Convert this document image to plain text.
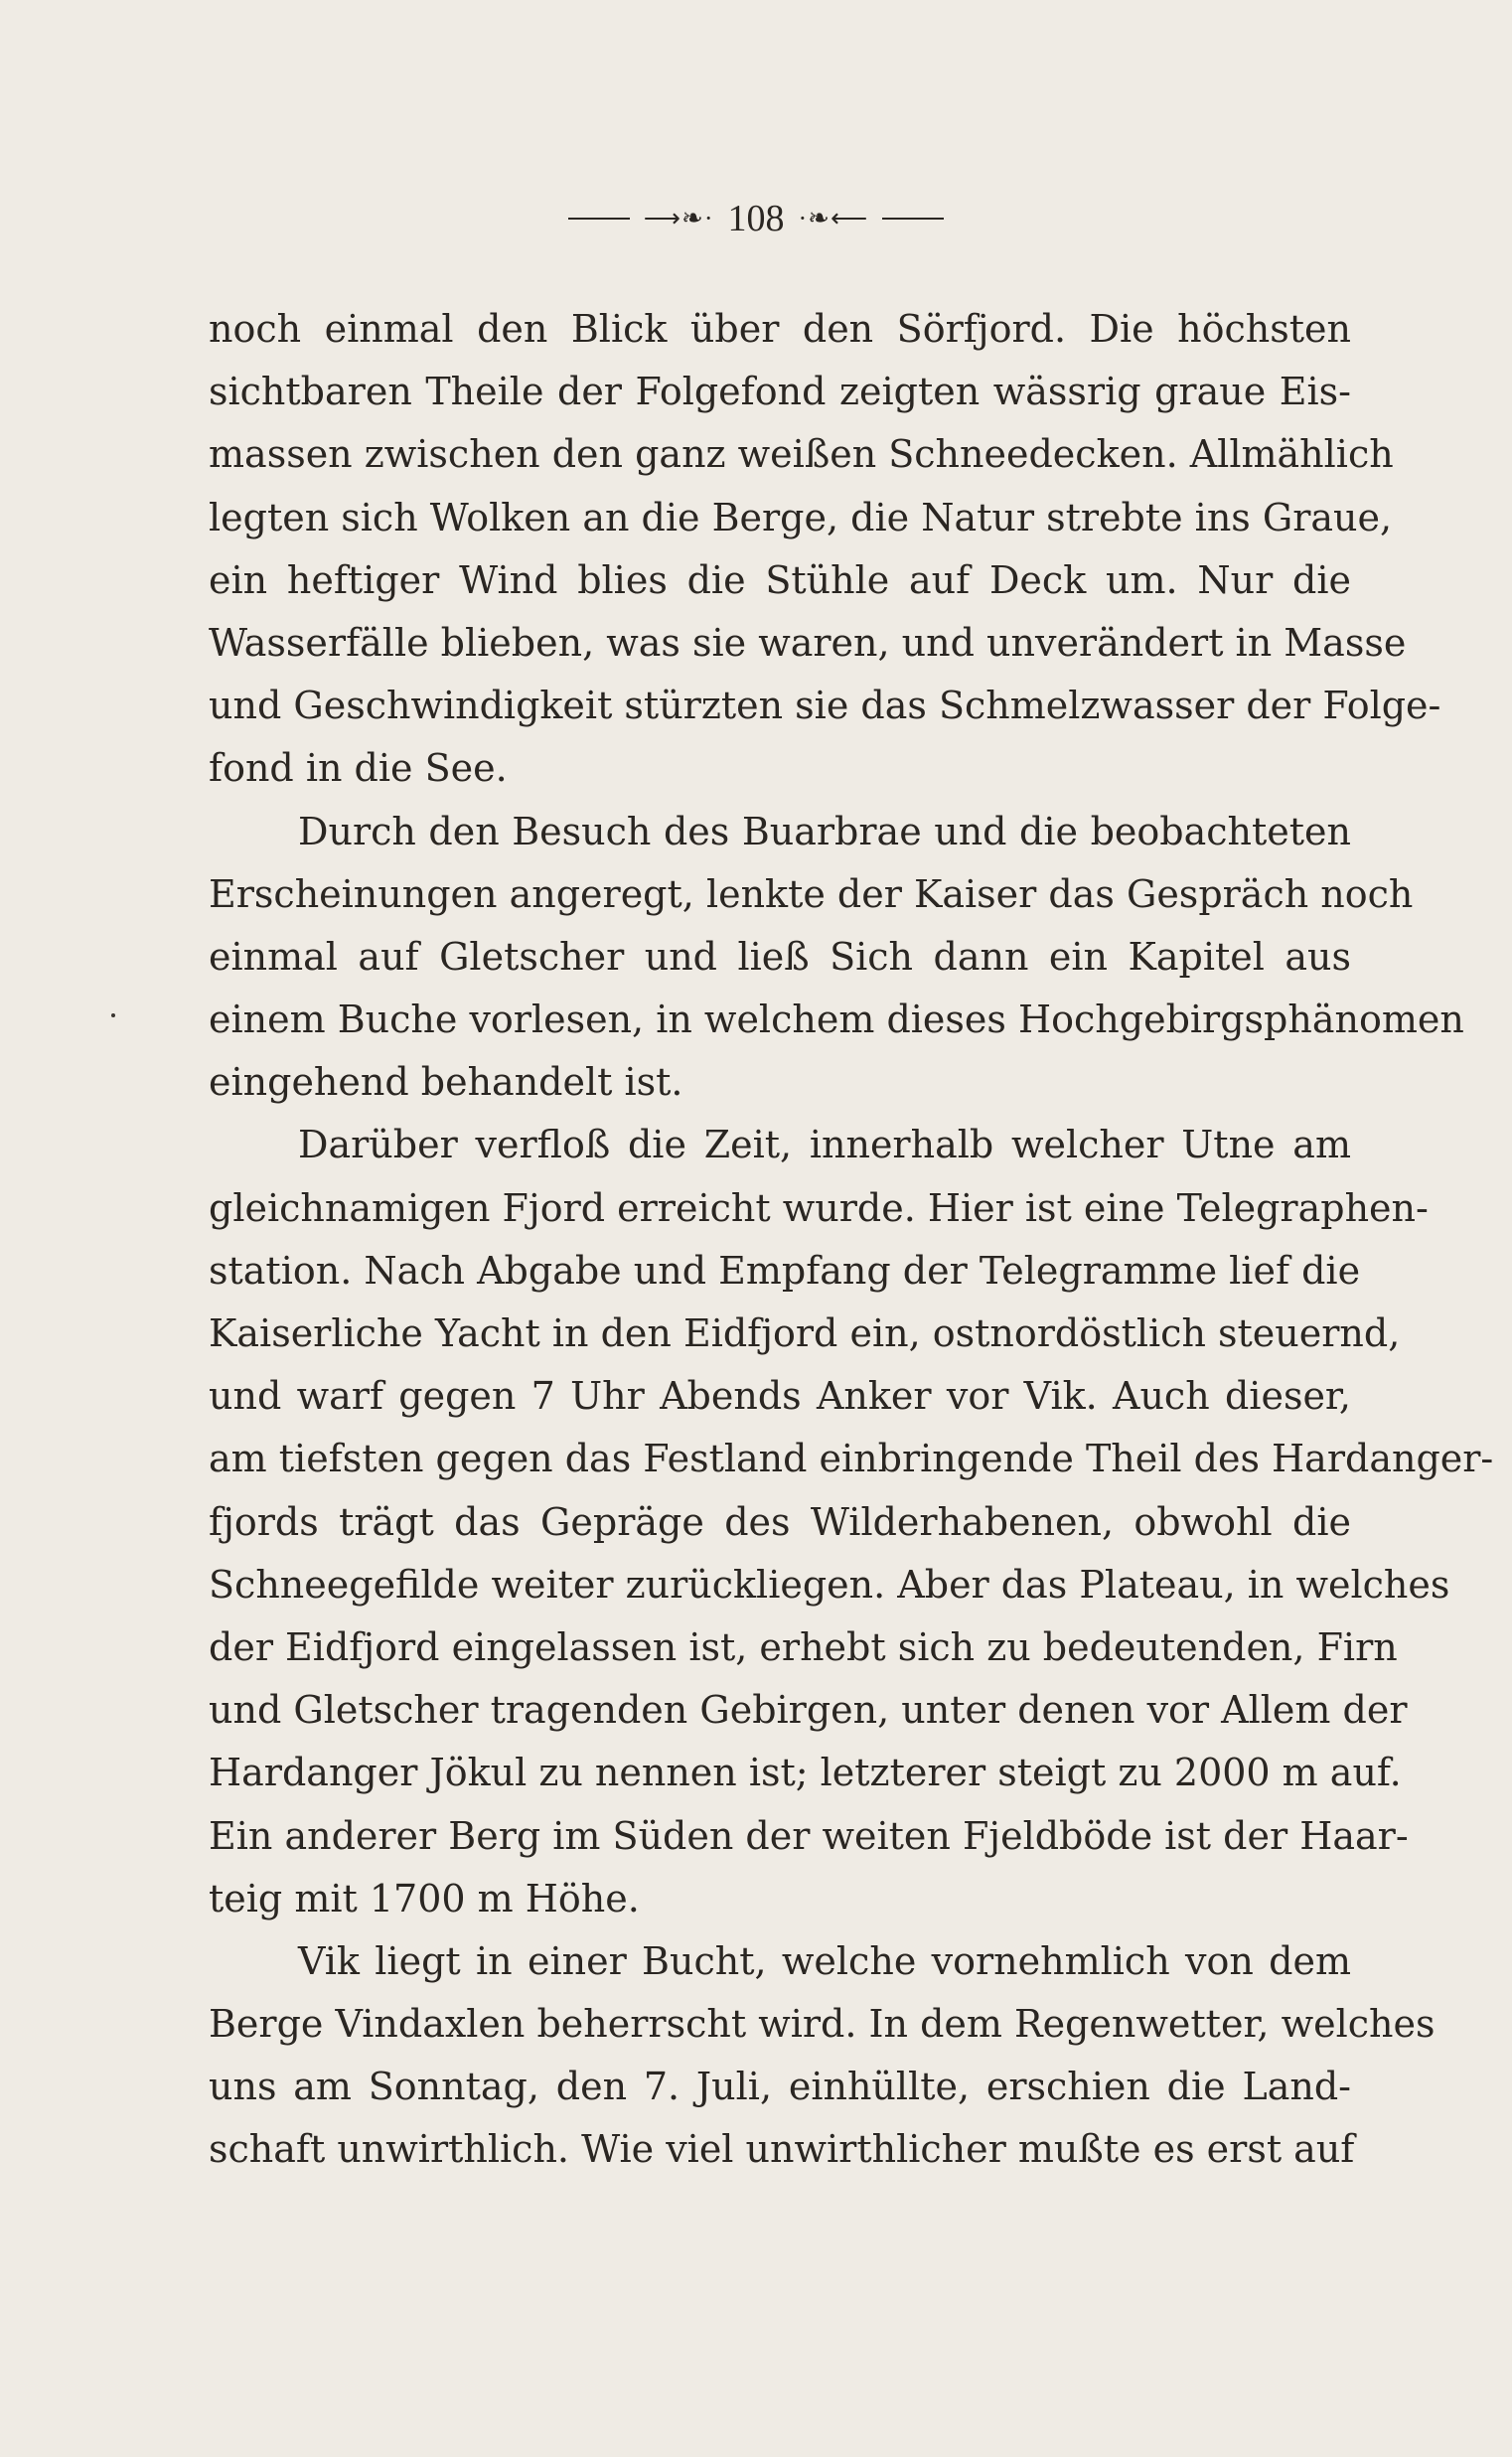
⟶❧· 108 ·❧⟵
noch einmal den Blick über den Sörfjord. Die höchsten
sichtbaren Theile der Folgefond zeigten wässrig graue Eis-
massen zwischen den ganz weißen Schneedecken. Allmählich
legten sich Wolken an die Berge, die Natur strebte ins Graue,
ein heftiger Wind blies die Stühle auf Deck um. Nur die
Wasserfälle blieben, was sie waren, und unverändert in Masse
und Geschwindigkeit stürzten sie das Schmelzwasser der Folge-
fond in die See.
Durch den Besuch des Buarbrae und die beobachteten
Erscheinungen angeregt, lenkte der Kaiser das Gespräch noch
einmal auf Gletscher und ließ Sich dann ein Kapitel aus
einem Buche vorlesen, in welchem dieses Hochgebirgsphänomen
eingehend behandelt ist.
Darüber verfloß die Zeit, innerhalb welcher Utne am
gleichnamigen Fjord erreicht wurde. Hier ist eine Telegraphen-
station. Nach Abgabe und Empfang der Telegramme lief die
Kaiserliche Yacht in den Eidfjord ein, ostnordöstlich steuernd,
und warf gegen 7 Uhr Abends Anker vor Vik. Auch dieser,
am tiefsten gegen das Festland einbringende Theil des Hardanger-
fjords trägt das Gepräge des Wilderhabenen, obwohl die
Schneegefilde weiter zurückliegen. Aber das Plateau, in welches
der Eidfjord eingelassen ist, erhebt sich zu bedeutenden, Firn
und Gletscher tragenden Gebirgen, unter denen vor Allem der
Hardanger Jökul zu nennen ist; letzterer steigt zu 2000 m auf.
Ein anderer Berg im Süden der weiten Fjeldböde ist der Haar-
teig mit 1700 m Höhe.
Vik liegt in einer Bucht, welche vornehmlich von dem
Berge Vindaxlen beherrscht wird. In dem Regenwetter, welches
uns am Sonntag, den 7. Juli, einhüllte, erschien die Land-
schaft unwirthlich. Wie viel unwirthlicher mußte es erst auf
